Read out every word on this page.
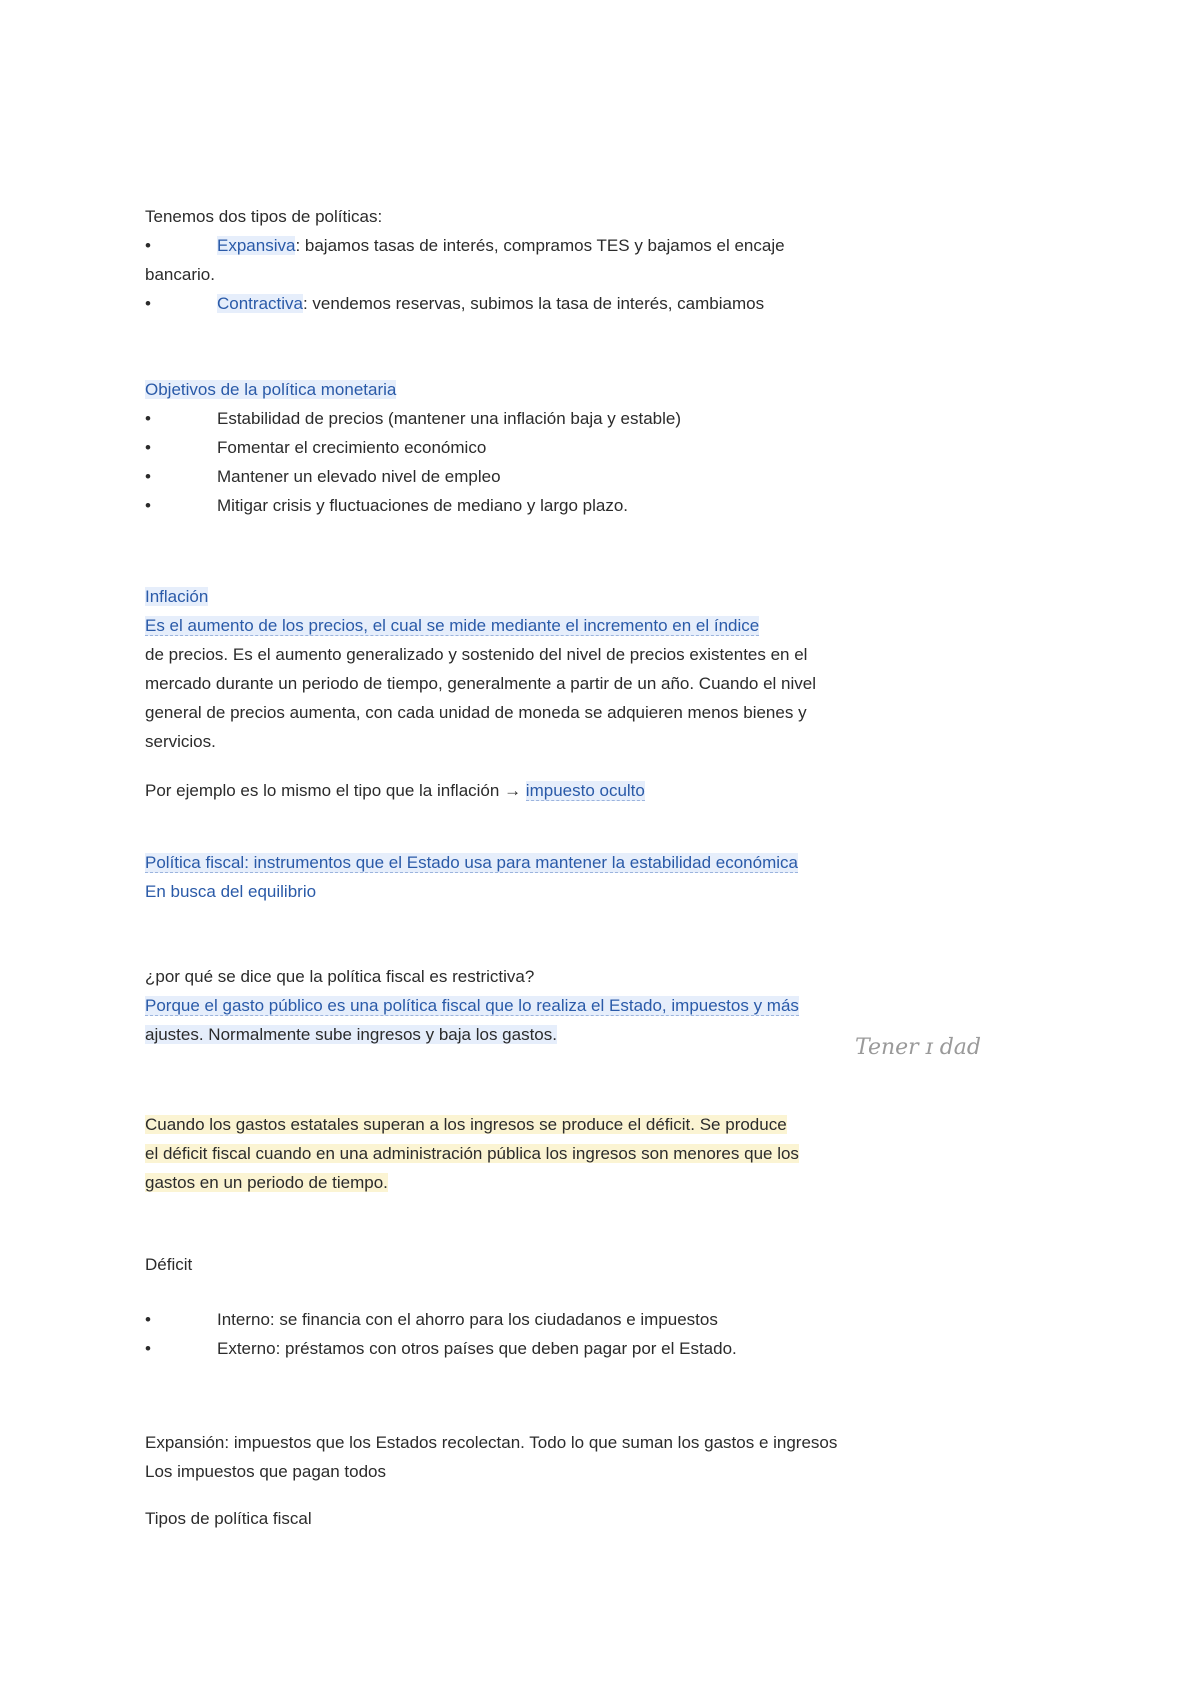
Tenemos dos tipos de políticas:
•	Expansiva: bajamos tasas de interés, compramos TES y bajamos el encaje
bancario.
•	Contractiva: vendemos reservas, subimos la tasa de interés, cambiamos
Objetivos de la política monetaria
•	Estabilidad de precios (mantener una inflación baja y estable)
•	Fomentar el crecimiento económico
•	Mantener un elevado nivel de empleo
•	Mitigar crisis y fluctuaciones de mediano y largo plazo.
Inflación
Es el aumento de los precios, el cual se mide mediante el incremento en el índice
de precios. Es el aumento generalizado y sostenido del nivel de precios existentes en el
mercado durante un periodo de tiempo, generalmente a partir de un año. Cuando el nivel
general de precios aumenta, con cada unidad de moneda se adquieren menos bienes y
servicios.
Por ejemplo es lo mismo el tipo que la inflación → impuesto oculto
Política fiscal: instrumentos que el Estado usa para mantener la estabilidad económica
En busca del equilibrio
¿por qué se dice que la política fiscal es restrictiva?
Porque el gasto público es una política fiscal que lo realiza el Estado, impuestos y más
ajustes. Normalmente sube ingresos y baja los gastos.
Tener ɪ dad
Cuando los gastos estatales superan a los ingresos se produce el déficit. Se produce
el déficit fiscal cuando en una administración pública los ingresos son menores que los
gastos en un periodo de tiempo.
Déficit
•	Interno: se financia con el ahorro para los ciudadanos e impuestos
•	Externo: préstamos con otros países que deben pagar por el Estado.
Expansión: impuestos que los Estados recolectan. Todo lo que suman los gastos e ingresos
Los impuestos que pagan todos
Tipos de política fiscal
